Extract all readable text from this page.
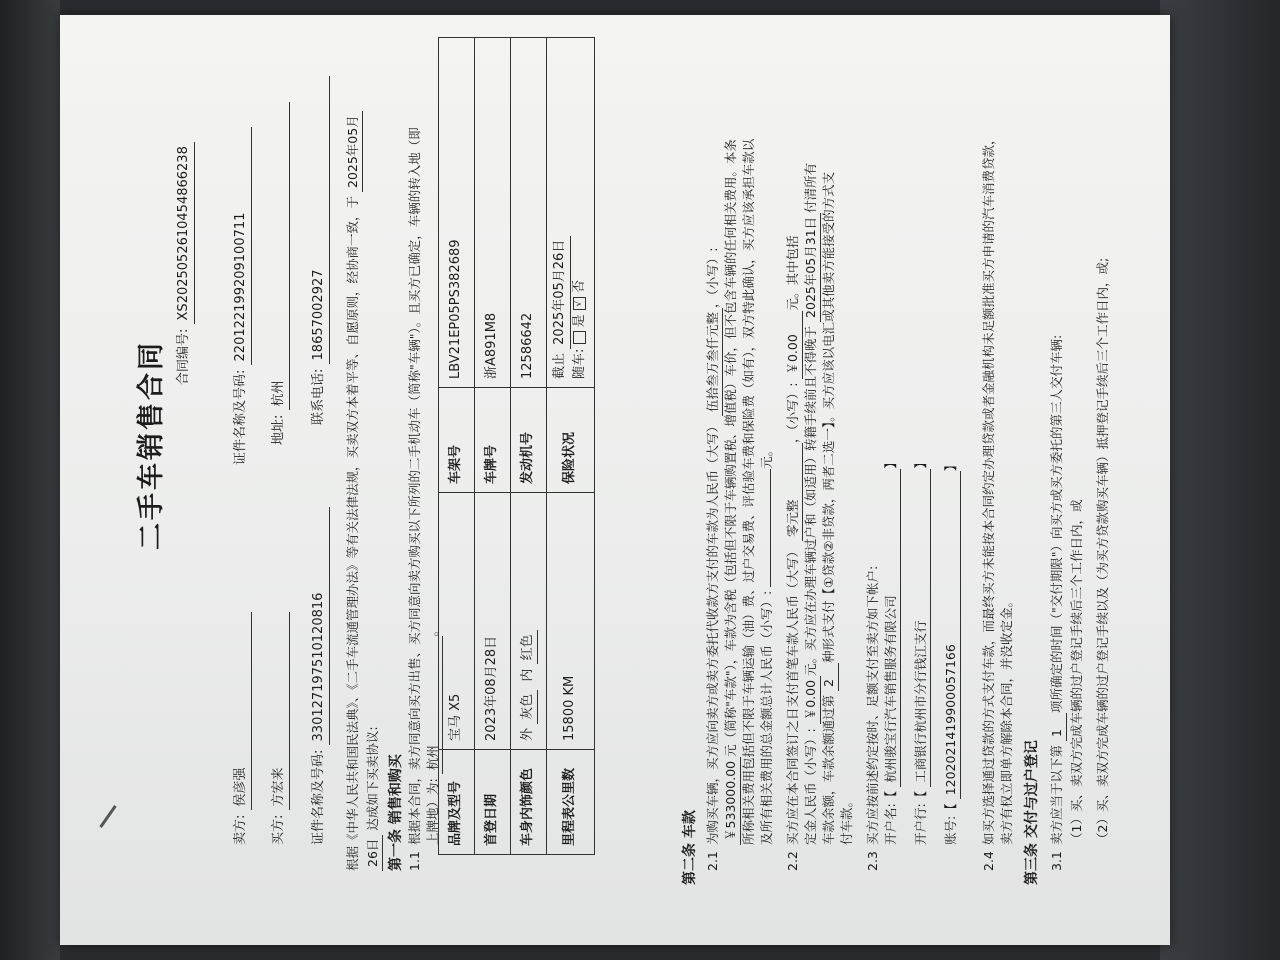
二手车销售合同 合同编号: XS2025052610454866238
卖方: 侯彦强
证件名称及号码: 220122199209100711
买方: 方宏来
地址: 杭州
证件名称及号码: 330127197510120816
联系电话: 18657002927	根据《中华人民共和国民法典》、《二手车流通管理办法》等有关法律法规，买卖双方本着平等、自愿原则，经协商一致，于 2025年05月
26日 达成如下买卖协议: 第一条 销售和购买 1.1根据本合同，卖方同意向买方出售、买方同意向卖方购买以下所列的二手机动车（简称"车辆"）。且买方已确定，车辆的转入地（即 上牌地）为: 杭州。
品牌及型号	宝马 X5	车架号	LBV21EP05PS382689
首登日期	2023年08月28日	车牌号	浙A891M8
车身内饰颜色	外 灰色  内 红色	发动机号	12586642
里程表公里数	15800 KM	保险状况	截止 2025年05月26日
随车:  是 √ 否
第二条 车款 2.1为购买车辆，买方应向卖方或卖方委托代收款方支付的车款为人民币（大写） 伍拾叁万叁仟元整，（小写）:
￥533000.00元（简称"车款"），车款为含税（包括但不限于车辆购置税、增值税）车价，但不包含车辆的任何相关费用。本条 所称相关费用包括但不限于车辆运输（油）费、过户交易费、评估验车费和保险费（如有），双方特此确认，买方应该承担车款以 及所有相关费用的总金额总计人民币（小写）: 元。
2.2买方应在本合同签订之日支付首笔车款人民币（大写） 零元整，（小写）: ￥0.00元。其中包括
定金人民币（小写）: ￥0.00元。买方应在办理车辆过户和（如适用）转籍手续前且不得晚于 2025年05月31日付清所有
车款余额，车款余额通过第 2种形式支付【①贷款②非贷款，两者二选一】。买方应该以电汇或其他卖方能接受的方式支
付车款。
2.3买方应按前述约定按时、足额支付至卖方如下帐户: 开户名:【 杭州骏宝行汽车销售服务有限公司】
开户行:【 工商银行杭州市分行钱江支行】
账号:【 1202021419900057166】
2.4如买方选择通过贷款的方式支付车款，而最终买方未能按本合同约定办理贷款或者金融机构未足额批准买方申请的汽车消费贷款， 卖方有权立即单方解除本合同，并没收定金。 第三条 交付与过户登记 3.1卖方应当于以下第 1项所确定的时间（"交付期限"）向买方或买方委托的第三人交付车辆: （1）买、卖双方完成车辆的过户登记手续后三个工作日内，或 （2）买、卖双方完成车辆的过户登记手续以及（为买方贷款购买车辆）抵押登记手续后三个工作日内，或;
